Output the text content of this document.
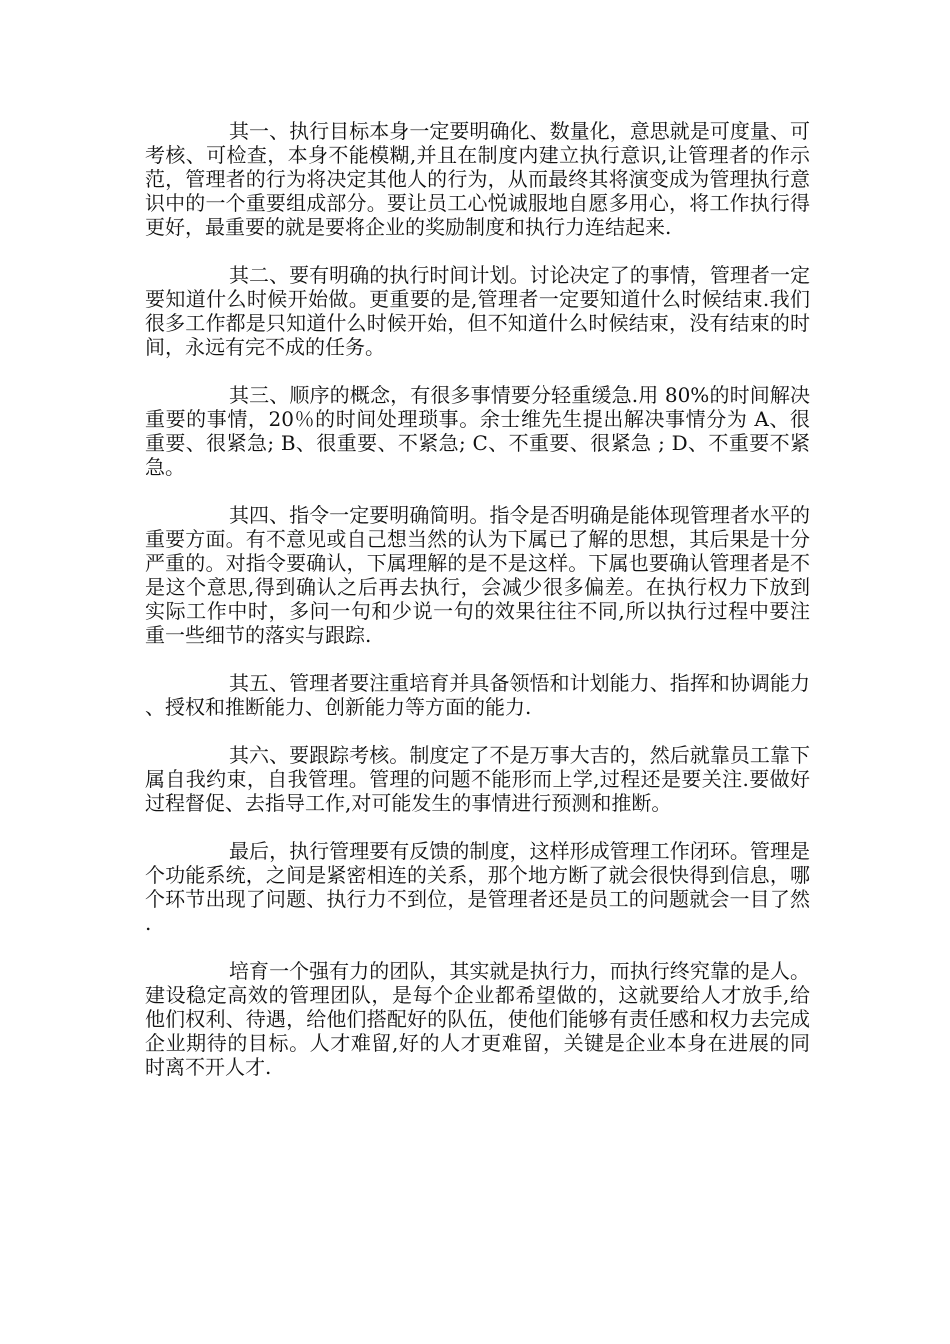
其一、执行目标本身一定要明确化、数量化，意思就是可度量、可考核、可检查，本身不能模糊,并且在制度内建立执行意识,让管理者的作示范，管理者的行为将决定其他人的行为，从而最终其将演变成为管理执行意识中的一个重要组成部分。要让员工心悦诚服地自愿多用心，将工作执行得更好，最重要的就是要将企业的奖励制度和执行力连结起来.

其二、要有明确的执行时间计划。讨论决定了的事情，管理者一定要知道什么时候开始做。更重要的是,管理者一定要知道什么时候结束.我们很多工作都是只知道什么时候开始，但不知道什么时候结束，没有结束的时间，永远有完不成的任务。

其三、顺序的概念，有很多事情要分轻重缓急.用 80%的时间解决重要的事情，20％的时间处理琐事。余士维先生提出解决事情分为 A、很重要、很紧急; B、很重要、不紧急; C、不重要、很紧急 ; D、不重要不紧急。

其四、指令一定要明确简明。指令是否明确是能体现管理者水平的重要方面。有不意见或自己想当然的认为下属已了解的思想，其后果是十分严重的。对指令要确认，下属理解的是不是这样。下属也要确认管理者是不是这个意思,得到确认之后再去执行，会减少很多偏差。在执行权力下放到实际工作中时，多问一句和少说一句的效果往往不同,所以执行过程中要注重一些细节的落实与跟踪.

其五、管理者要注重培育并具备领悟和计划能力、指挥和协调能力、授权和推断能力、创新能力等方面的能力.

其六、要跟踪考核。制度定了不是万事大吉的，然后就靠员工靠下属自我约束，自我管理。管理的问题不能形而上学,过程还是要关注.要做好过程督促、去指导工作,对可能发生的事情进行预测和推断。

最后，执行管理要有反馈的制度，这样形成管理工作闭环。管理是个功能系统，之间是紧密相连的关系，那个地方断了就会很快得到信息，哪个环节出现了问题、执行力不到位，是管理者还是员工的问题就会一目了然.

培育一个强有力的团队，其实就是执行力，而执行终究靠的是人。建设稳定高效的管理团队，是每个企业都希望做的，这就要给人才放手,给他们权利、待遇，给他们搭配好的队伍，使他们能够有责任感和权力去完成企业期待的目标。人才难留,好的人才更难留，关键是企业本身在进展的同时离不开人才.
